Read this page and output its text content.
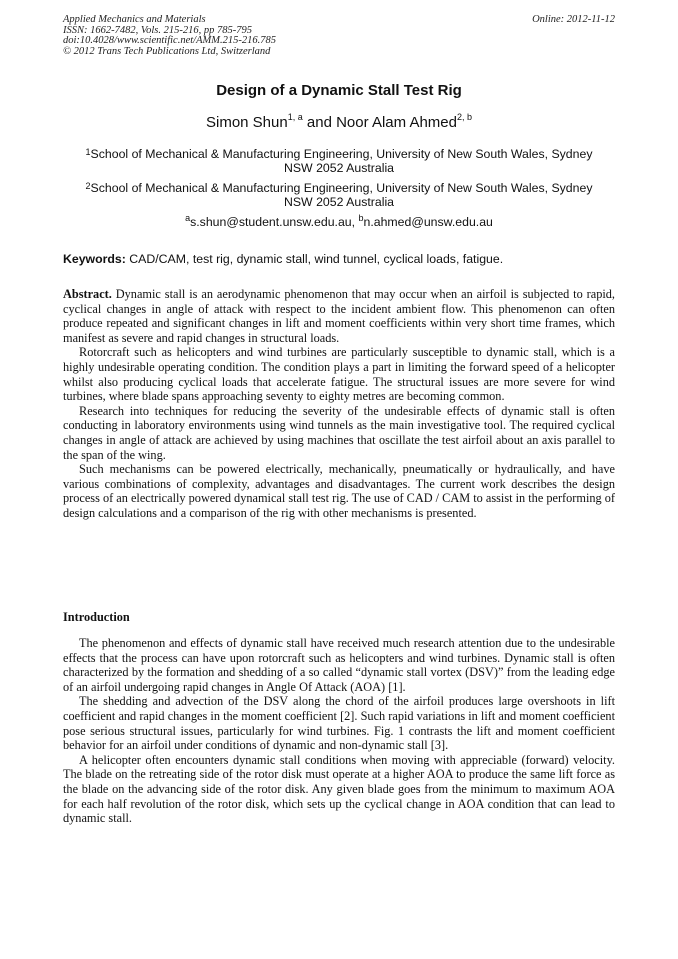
Applied Mechanics and Materials
ISSN: 1662-7482, Vols. 215-216, pp 785-795
doi:10.4028/www.scientific.net/AMM.215-216.785
© 2012 Trans Tech Publications Ltd, Switzerland
Online: 2012-11-12
Design of a Dynamic Stall Test Rig
Simon Shun$^{1, a}$ and Noor Alam Ahmed$^{2, b}$
$^1$School of Mechanical & Manufacturing Engineering, University of New South Wales, Sydney NSW 2052 Australia
$^2$School of Mechanical & Manufacturing Engineering, University of New South Wales, Sydney NSW 2052 Australia
$^a$s.shun@student.unsw.edu.au, $^b$n.ahmed@unsw.edu.au
Keywords: CAD/CAM, test rig, dynamic stall, wind tunnel, cyclical loads, fatigue.

Abstract. Dynamic stall is an aerodynamic phenomenon that may occur when an airfoil is subjected to rapid, cyclical changes in angle of attack with respect to the incident ambient flow. This phenomenon can often produce repeated and significant changes in lift and moment coefficients within very short time frames, which manifest as severe and rapid changes in structural loads.

Rotorcraft such as helicopters and wind turbines are particularly susceptible to dynamic stall, which is a highly undesirable operating condition. The condition plays a part in limiting the forward speed of a helicopter whilst also producing cyclical loads that accelerate fatigue. The structural issues are more severe for wind turbines, where blade spans approaching seventy to eighty metres are becoming common.

Research into techniques for reducing the severity of the undesirable effects of dynamic stall is often conducting in laboratory environments using wind tunnels as the main investigative tool. The required cyclical changes in angle of attack are achieved by using machines that oscillate the test airfoil about an axis parallel to the span of the wing.

Such mechanisms can be powered electrically, mechanically, pneumatically or hydraulically, and have various combinations of complexity, advantages and disadvantages. The current work describes the design process of an electrically powered dynamical stall test rig. The use of CAD / CAM to assist in the performing of design calculations and a comparison of the rig with other mechanisms is presented.

Introduction

The phenomenon and effects of dynamic stall have received much research attention due to the undesirable effects that the process can have upon rotorcraft such as helicopters and wind turbines. Dynamic stall is often characterized by the formation and shedding of a so called “dynamic stall vortex (DSV)” from the leading edge of an airfoil undergoing rapid changes in Angle Of Attack (AOA) [1].

The shedding and advection of the DSV along the chord of the airfoil produces large overshoots in lift coefficient and rapid changes in the moment coefficient [2]. Such rapid variations in lift and moment coefficient pose serious structural issues, particularly for wind turbines. Fig. 1 contrasts the lift and moment coefficient behavior for an airfoil under conditions of dynamic and non-dynamic stall [3].

A helicopter often encounters dynamic stall conditions when moving with appreciable (forward) velocity. The blade on the retreating side of the rotor disk must operate at a higher AOA to produce the same lift force as the blade on the advancing side of the rotor disk. Any given blade goes from the minimum to maximum AOA for each half revolution of the rotor disk, which sets up the cyclical change in AOA condition that can lead to dynamic stall.
